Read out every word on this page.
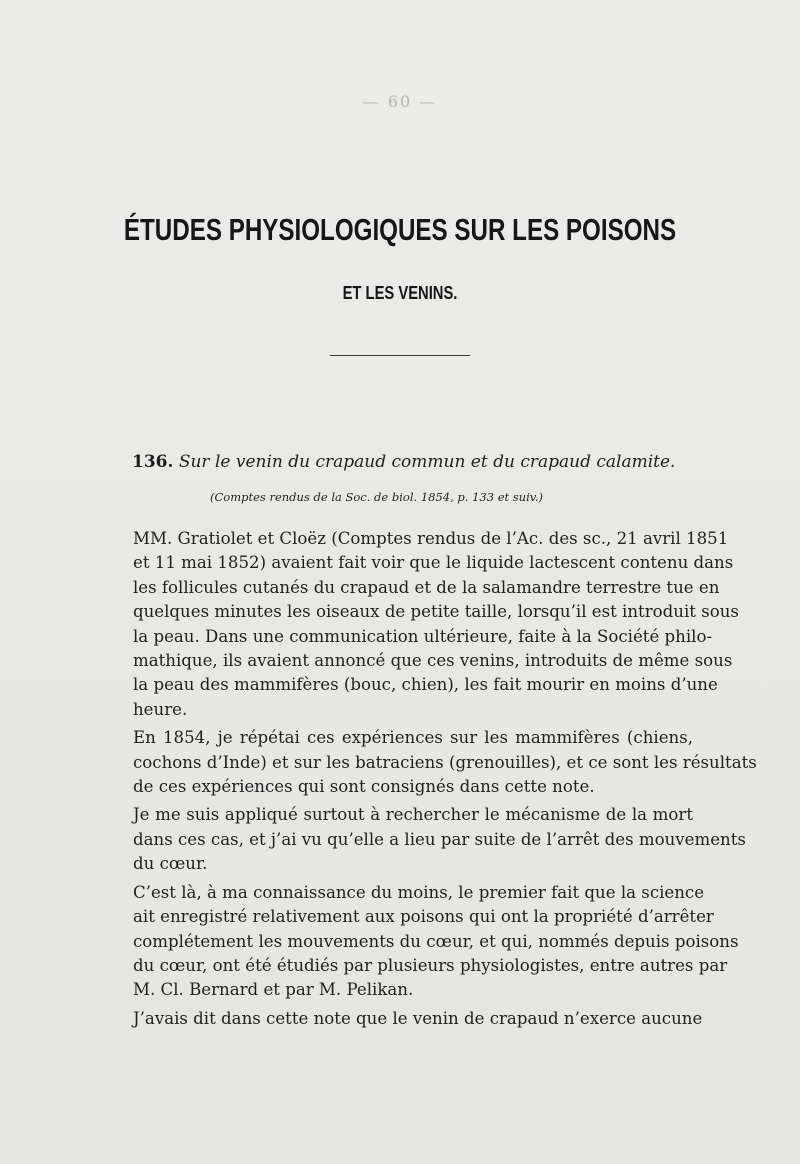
— 60 —
ÉTUDES PHYSIOLOGIQUES SUR LES POISONS
ET LES VENINS.
136. Sur le venin du crapaud commun et du crapaud calamite.
(Comptes rendus de la Soc. de biol. 1854, p. 133 et suiv.)
MM. Gratiolet et Cloëz (Comptes rendus de l’Ac. des sc., 21 avril 1851
et 11 mai 1852) avaient fait voir que le liquide lactescent contenu dans
les follicules cutanés du crapaud et de la salamandre terrestre tue en
quelques minutes les oiseaux de petite taille, lorsqu’il est introduit sous
la peau. Dans une communication ultérieure, faite à la Société philo-
mathique, ils avaient annoncé que ces venins, introduits de même sous
la peau des mammifères (bouc, chien), les fait mourir en moins d’une
heure.
En 1854, je répétai ces expériences sur les mammifères (chiens,
cochons d’Inde) et sur les batraciens (grenouilles), et ce sont les résultats
de ces expériences qui sont consignés dans cette note.
Je me suis appliqué surtout à rechercher le mécanisme de la mort
dans ces cas, et j’ai vu qu’elle a lieu par suite de l’arrêt des mouvements
du cœur.
C’est là, à ma connaissance du moins, le premier fait que la science
ait enregistré relativement aux poisons qui ont la propriété d’arrêter
complétement les mouvements du cœur, et qui, nommés depuis poisons
du cœur, ont été étudiés par plusieurs physiologistes, entre autres par
M. Cl. Bernard et par M. Pelikan.
J’avais dit dans cette note que le venin de crapaud n’exerce aucune
